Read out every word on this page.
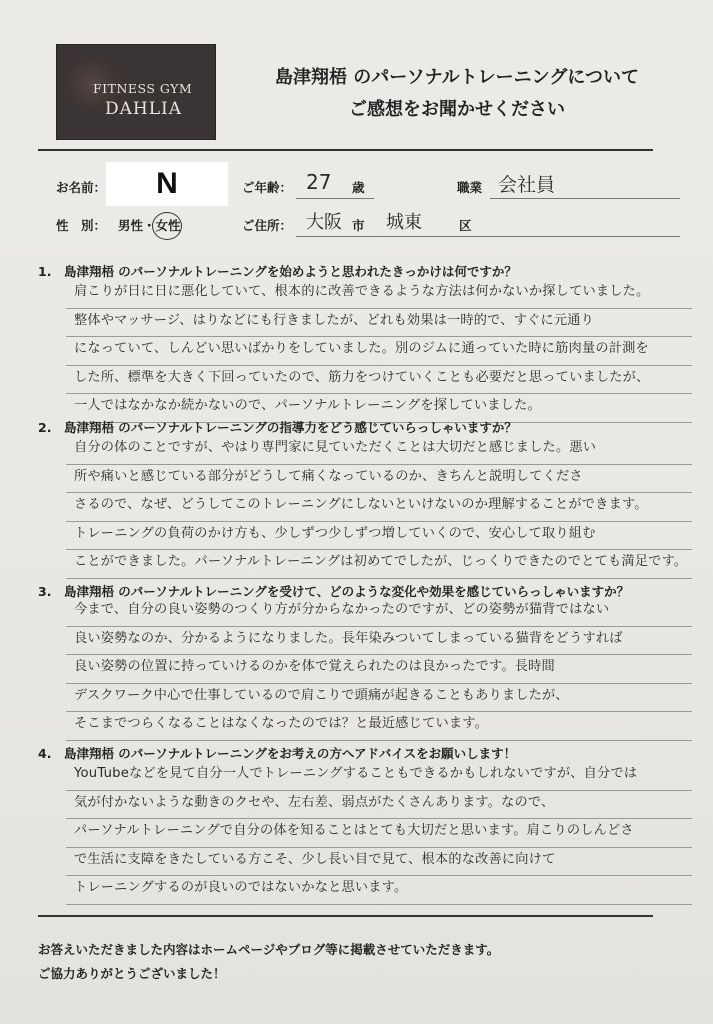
FITNESS GYM
DAHLIA
島津翔梧 のパーソナルトレーニングについて
ご感想をお聞かせください
お名前：	N	ご年齢： 27 歳	職業 会社員
性　別： 男性・女性	ご住所： 大阪 市 城東	区
1.　島津翔梧 のパーソナルトレーニングを始めようと思われたきっかけは何ですか？
肩こりが日に日に悪化していて、根本的に改善できるような方法は何かないか探していました。
整体やマッサージ、はりなどにも行きましたが、どれも効果は一時的で、すぐに元通り
になっていて、しんどい思いばかりをしていました。別のジムに通っていた時に筋肉量の計測を
した所、標準を大きく下回っていたので、筋力をつけていくことも必要だと思っていましたが、
一人ではなかなか続かないので、パーソナルトレーニングを探していました。
2.　島津翔梧 のパーソナルトレーニングの指導力をどう感じていらっしゃいますか？
自分の体のことですが、やはり専門家に見ていただくことは大切だと感じました。悪い
所や痛いと感じている部分がどうして痛くなっているのか、きちんと説明してくださ
さるので、なぜ、どうしてこのトレーニングにしないといけないのか理解することができます。
トレーニングの負荷のかけ方も、少しずつ少しずつ増していくので、安心して取り組む
ことができました。パーソナルトレーニングは初めてでしたが、じっくりできたのでとても満足です。
3.　島津翔梧 のパーソナルトレーニングを受けて、どのような変化や効果を感じていらっしゃいますか？
今まで、自分の良い姿勢のつくり方が分からなかったのですが、どの姿勢が猫背ではない
良い姿勢なのか、分かるようになりました。長年染みついてしまっている猫背をどうすれば
良い姿勢の位置に持っていけるのかを体で覚えられたのは良かったです。長時間
デスクワーク中心で仕事しているので肩こりで頭痛が起きることもありましたが、
そこまでつらくなることはなくなったのでは？と最近感じています。
4.　島津翔梧 のパーソナルトレーニングをお考えの方へアドバイスをお願いします！
YouTubeなどを見て自分一人でトレーニングすることもできるかもしれないですが、自分では
気が付かないような動きのクセや、左右差、弱点がたくさんあります。なので、
パーソナルトレーニングで自分の体を知ることはとても大切だと思います。肩こりのしんどさ
で生活に支障をきたしている方こそ、少し長い目で見て、根本的な改善に向けて
トレーニングするのが良いのではないかなと思います。
お答えいただきました内容はホームページやブログ等に掲載させていただきます。
ご協力ありがとうございました！
